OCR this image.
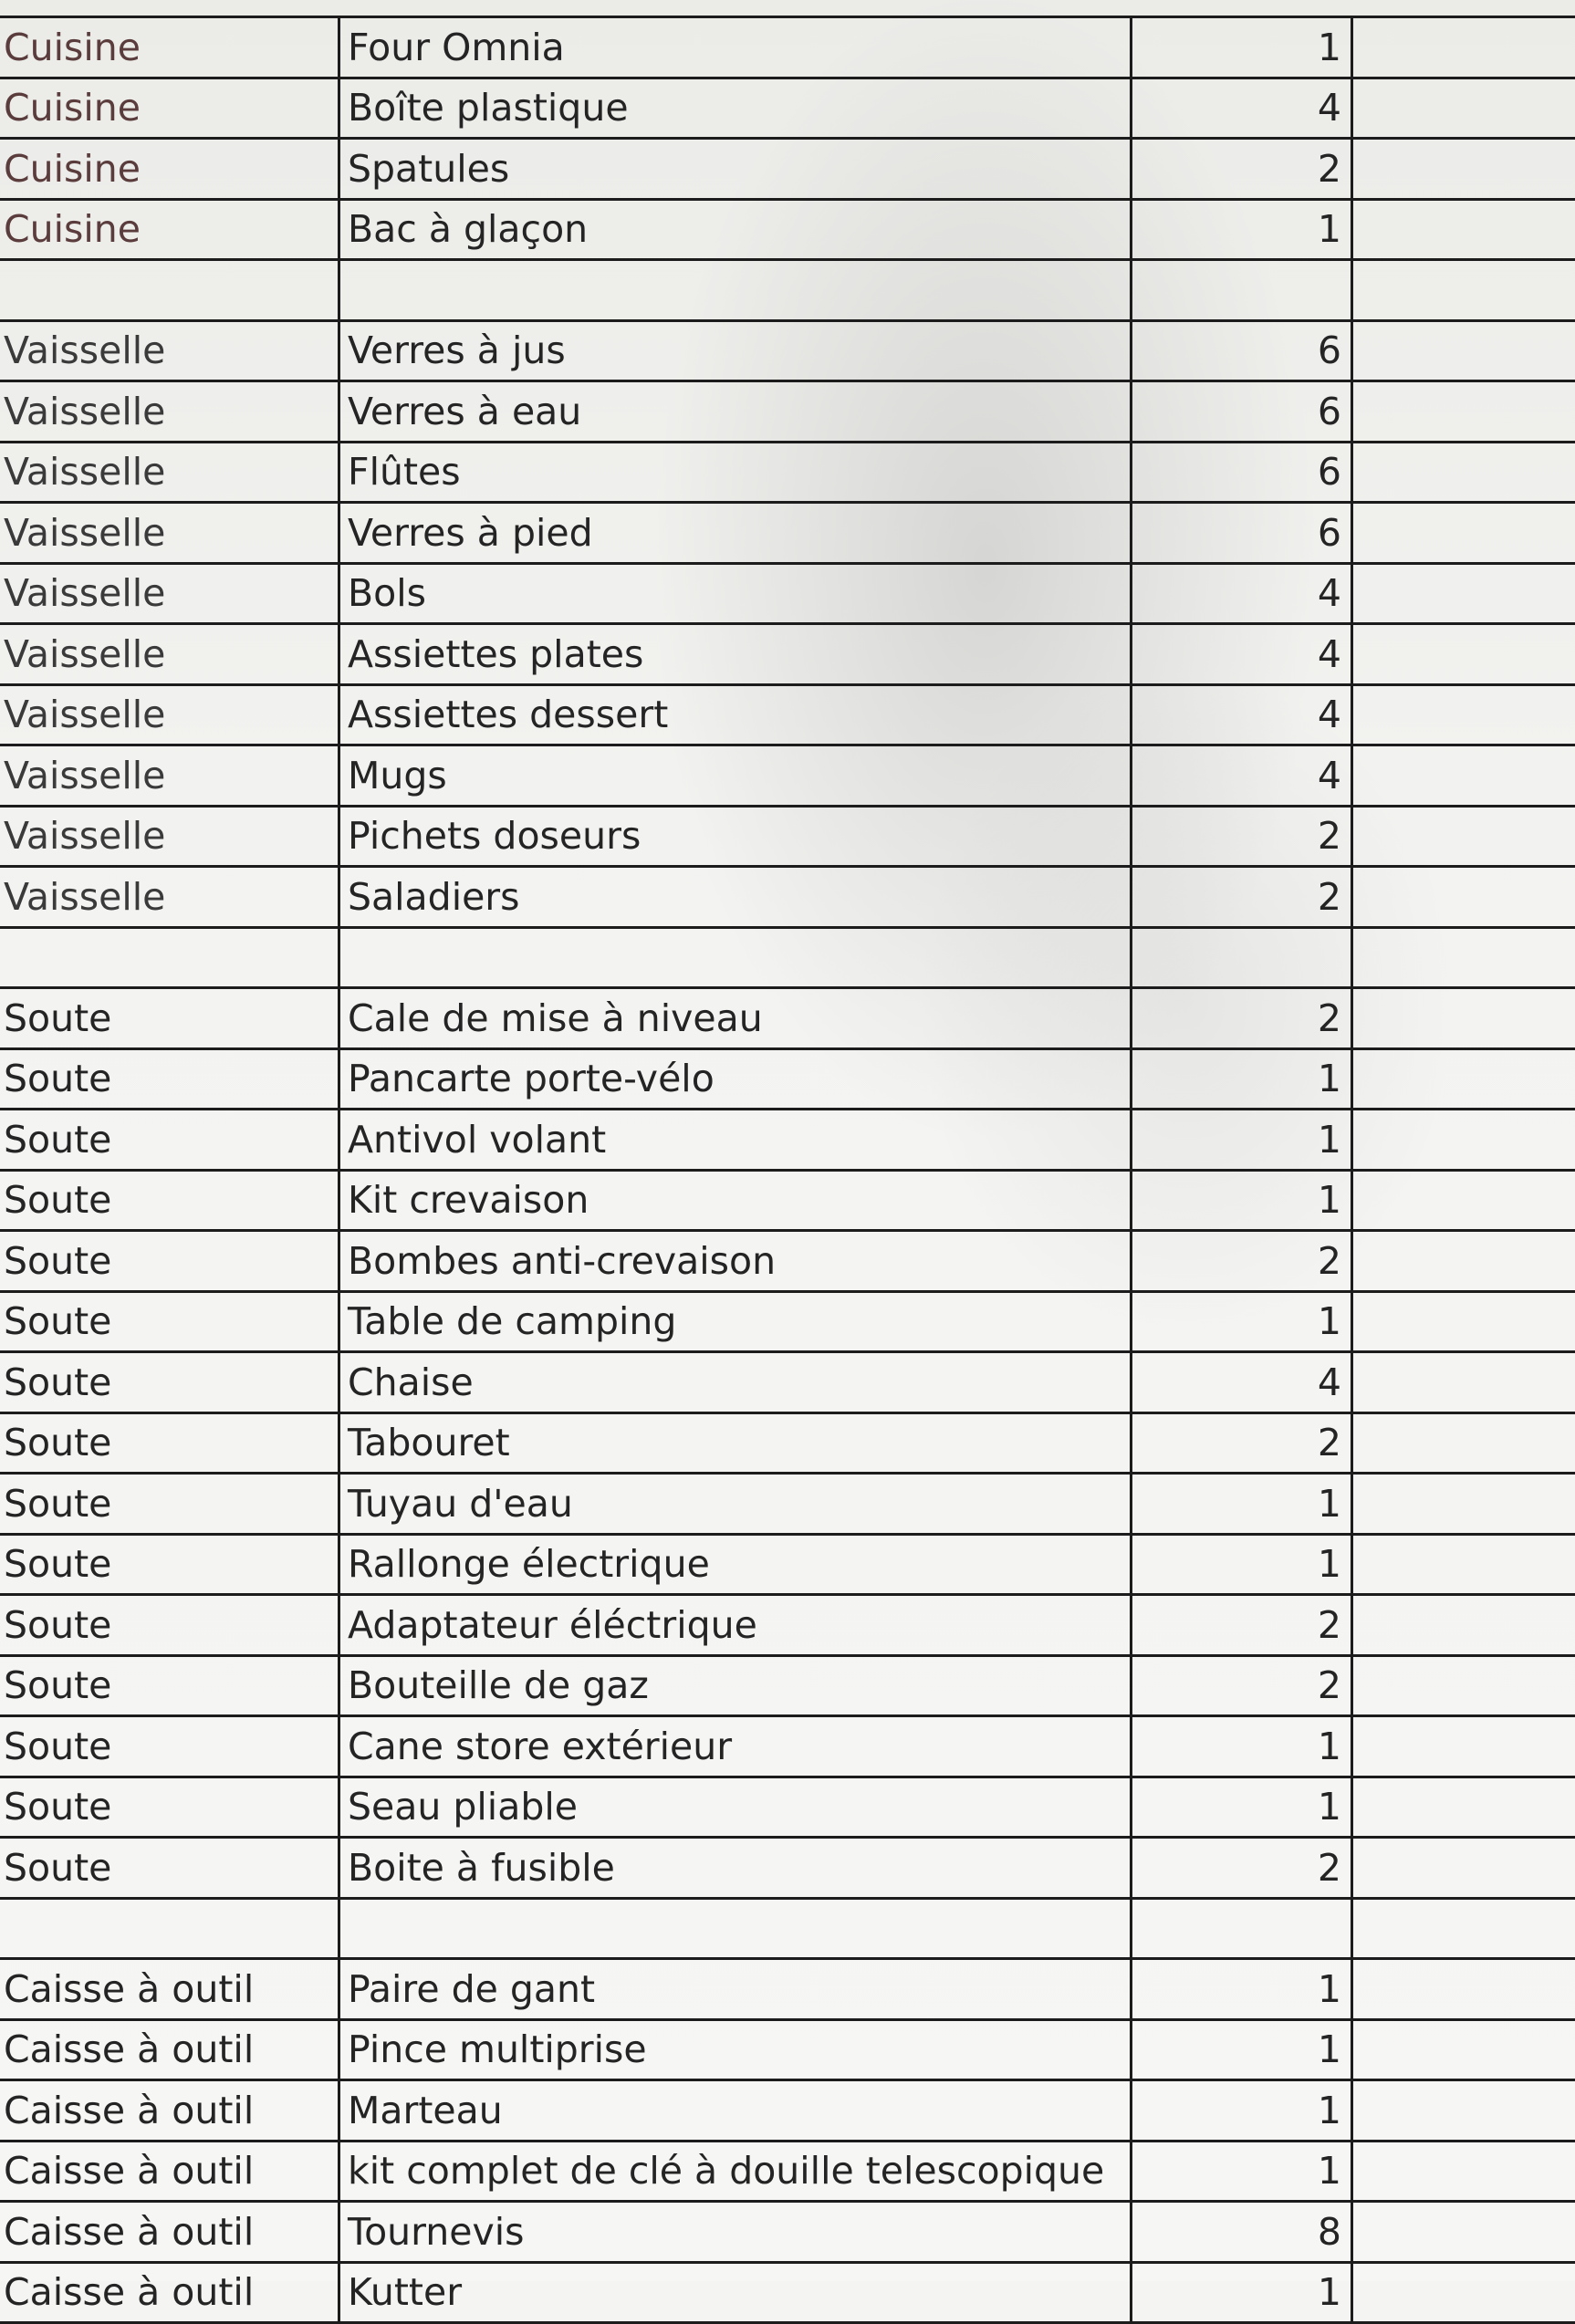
Cuisine	Four Omnia	1	
Cuisine	Boîte plastique	4	
Cuisine	Spatules	2	
Cuisine	Bac à glaçon	1	

Vaisselle	Verres à jus	6	
Vaisselle	Verres à eau	6	
Vaisselle	Flûtes	6	
Vaisselle	Verres à pied	6	
Vaisselle	Bols	4	
Vaisselle	Assiettes plates	4	
Vaisselle	Assiettes dessert	4	
Vaisselle	Mugs	4	
Vaisselle	Pichets doseurs	2	
Vaisselle	Saladiers	2	

Soute	Cale de mise à niveau	2	
Soute	Pancarte porte-vélo	1	
Soute	Antivol volant	1	
Soute	Kit crevaison	1	
Soute	Bombes anti-crevaison	2	
Soute	Table de camping	1	
Soute	Chaise	4	
Soute	Tabouret	2	
Soute	Tuyau d'eau	1	
Soute	Rallonge électrique	1	
Soute	Adaptateur éléctrique	2	
Soute	Bouteille de gaz	2	
Soute	Cane store extérieur	1	
Soute	Seau pliable	1	
Soute	Boite à fusible	2	

Caisse à outil	Paire de gant	1	
Caisse à outil	Pince multiprise	1	
Caisse à outil	Marteau	1	
Caisse à outil	kit complet de clé à douille telescopique	1	
Caisse à outil	Tournevis	8	
Caisse à outil	Kutter	1	
